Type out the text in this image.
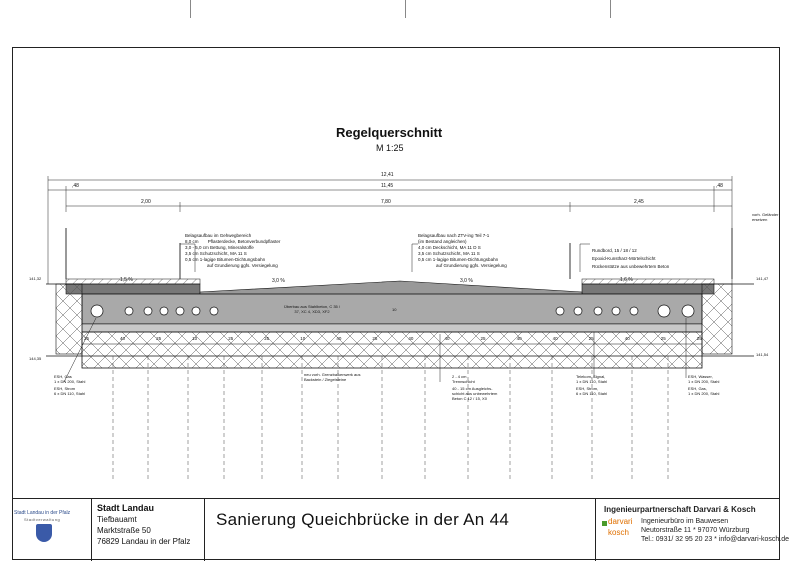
Regelquerschnitt
M 1:25
12,41
,48	11,45	,48
2,00	7,80	2,45
Belagsaufbau im Gehwegbereich
8,0 cm Pflasterdecke, Betonverbundpflaster
3,0 - 5,0 cm Bettung, Mineralstoffe
3,5 cm Schutzschicht, MA 11 S
0,5 cm 1-lagige Bitumen-Dichtungsbahn
auf Grundierung ggfs. Versiegelung
Belagsaufbau nach ZTV-ing Teil 7-1
(im Bestand angleichen)
4,0 cm Deckschicht, MA 11 D S
3,5 cm Schutzschicht, MA 11 S
0,5 cm 1-lagige Bitumen-Dichtungsbahn
auf Grundierung ggfs. Versiegelung
Rundbord, 15 / 18 / 12
Epoxid-Kunstharz-Mörtelschicht
Rückenstütze aus unbewehrtem Beton
1,5 %	3,0 %	3,0 %	1,6 %
141,32
144,35
141,47
141,54
vorh. Geländer ersetzen
Überbau aus Stahlbeton, C 35 / 37, XC 4, XD3, XF2	10
25	40	25	10	25	25	10	40	25	40	40	25	40	40	25	40	25	25
ESH, Gas
1 x DN 200, Stahl
ESH, Strom
6 x DN 110, Stahl
neu vorh. Grenzbalkenwerk aus
Backstein / Ziegelsteine
2 - 4 cm
Trennschicht
40 - 15 cm Ausgleichs-
schicht aus unbewehrtem
Beton C 12 / 15, X0
Telekom, Signal,
1 x DN 110, Stahl
ESH, Strom,
6 x DN 110, Stahl
ESH, Wasser,
1 x DN 200, Stahl
ESH, Gas,
1 x DN 200, Stahl
Stadt Landau in der Pfalz
Stadtverwaltung
Stadt Landau
Tiefbauamt
Marktstraße 50
76829 Landau in der Pfalz
Sanierung Queichbrücke in der An 44
Ingenieurpartnerschaft Darvari & Kosch
darvari
kosch
Ingenieurbüro im Bauwesen
Neutorstraße 11 * 97070 Würzburg
Tel.: 0931/ 32 95 20 23 * info@darvari-kosch.de
